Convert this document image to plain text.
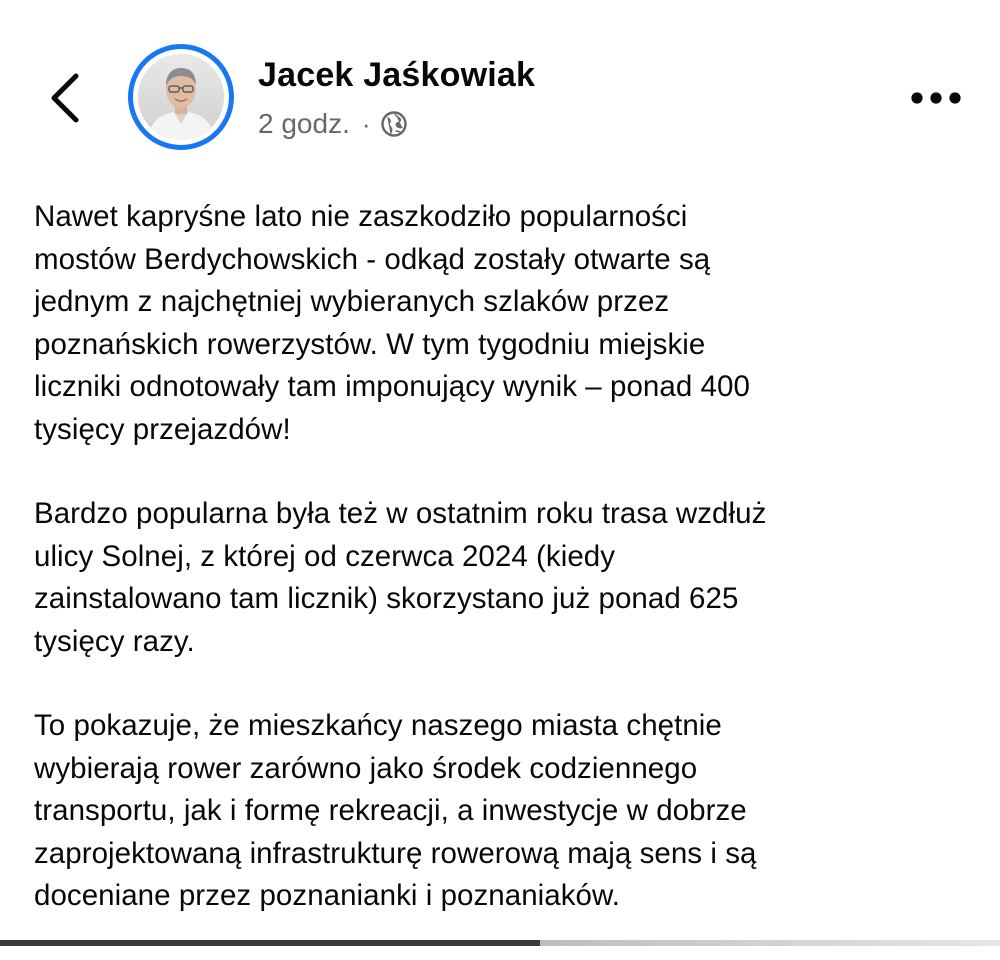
Jacek Jaśkowiak
2 godz. ·

Nawet kapryśne lato nie zaszkodziło popularności
mostów Berdychowskich - odkąd zostały otwarte są
jednym z najchętniej wybieranych szlaków przez
poznańskich rowerzystów. W tym tygodniu miejskie
liczniki odnotowały tam imponujący wynik – ponad 400
tysięcy przejazdów!

Bardzo popularna była też w ostatnim roku trasa wzdłuż
ulicy Solnej, z której od czerwca 2024 (kiedy
zainstalowano tam licznik) skorzystano już ponad 625
tysięcy razy.

To pokazuje, że mieszkańcy naszego miasta chętnie
wybierają rower zarówno jako środek codziennego
transportu, jak i formę rekreacji, a inwestycje w dobrze
zaprojektowaną infrastrukturę rowerową mają sens i są
doceniane przez poznanianki i poznaniaków.
